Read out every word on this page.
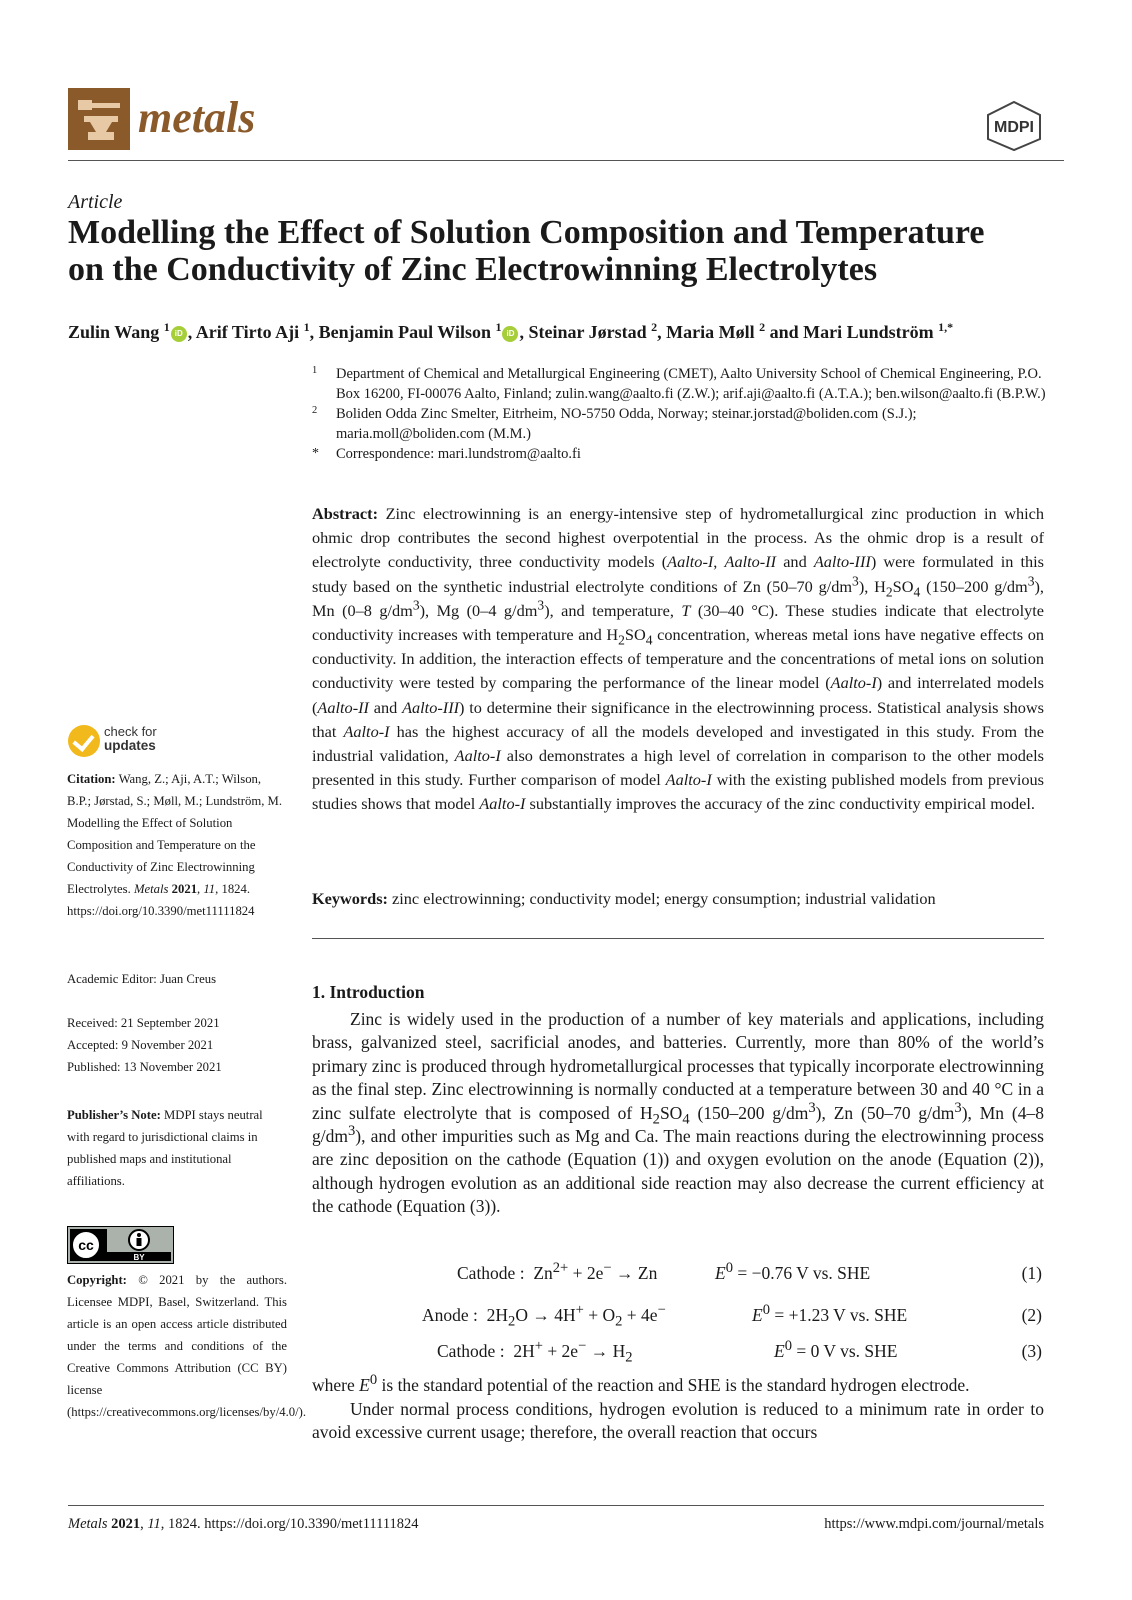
metals	MDPI
Article
Modelling the Effect of Solution Composition and Temperature
on the Conductivity of Zinc Electrowinning Electrolytes
Zulin Wang $^1$ iD , Arif Tirto Aji $^1$, Benjamin Paul Wilson $^1$ iD , Steinar Jørstad $^2$, Maria Møll $^2$ and Mari Lundström $^{1,*}$

1 Department of Chemical and Metallurgical Engineering (CMET), Aalto University School of Chemical Engineering, P.O. Box 16200, FI-00076 Aalto, Finland; zulin.wang@aalto.fi (Z.W.); arif.aji@aalto.fi (A.T.A.); ben.wilson@aalto.fi (B.P.W.)

2 Boliden Odda Zinc Smelter, Eitrheim, NO-5750 Odda, Norway; steinar.jorstad@boliden.com (S.J.); maria.moll@boliden.com (M.M.)

* Correspondence: mari.lundstrom@aalto.fi

Abstract: Zinc electrowinning is an energy-intensive step of hydrometallurgical zinc production in which ohmic drop contributes the second highest overpotential in the process. As the ohmic drop is a result of electrolyte conductivity, three conductivity models (Aalto-I, Aalto-II and Aalto-III) were formulated in this study based on the synthetic industrial electrolyte conditions of Zn (50–70 $g/dm^3$), $H_2SO_4$ (150–200 $g/dm^3$), Mn (0–8 $g/dm^3$), Mg (0–4 $g/dm^3$), and temperature, T (30–40 °C). These studies indicate that electrolyte conductivity increases with temperature and $H_2SO_4$ concentration, whereas metal ions have negative effects on conductivity. In addition, the interaction effects of temperature and the concentrations of metal ions on solution conductivity were tested by comparing the performance of the linear model (Aalto-I) and interrelated models (Aalto-II and Aalto-III) to determine their significance in the electrowinning process. Statistical analysis shows that Aalto-I has the highest accuracy of all the models developed and investigated in this study. From the industrial validation, Aalto-I also demonstrates a high level of correlation in comparison to the other models presented in this study. Further comparison of model Aalto-I with the existing published models from previous studies shows that model Aalto-I substantially improves the accuracy of the zinc conductivity empirical model.

Keywords: zinc electrowinning; conductivity model; energy consumption; industrial validation

check for
updates

Citation: Wang, Z.; Aji, A.T.; Wilson, B.P.; Jørstad, S.; Møll, M.; Lundström, M. Modelling the Effect of Solution Composition and Temperature on the Conductivity of Zinc Electrowinning Electrolytes. Metals 2021, 11, 1824. https://doi.org/10.3390/met11111824

Academic Editor: Juan Creus

Received: 21 September 2021
Accepted: 9 November 2021
Published: 13 November 2021

Publisher’s Note: MDPI stays neutral with regard to jurisdictional claims in published maps and institutional affiliations.

cc
BY

Copyright: © 2021 by the authors. Licensee MDPI, Basel, Switzerland. This article is an open access article distributed under the terms and conditions of the Creative Commons Attribution (CC BY) license (https://creativecommons.org/licenses/by/4.0/).

1. Introduction

Zinc is widely used in the production of a number of key materials and applications, including brass, galvanized steel, sacrificial anodes, and batteries. Currently, more than 80% of the world’s primary zinc is produced through hydrometallurgical processes that typically incorporate electrowinning as the final step. Zinc electrowinning is normally conducted at a temperature between 30 and 40 °C in a zinc sulfate electrolyte that is composed of $H_2SO_4$ (150–200 $g/dm^3$), Zn (50–70 $g/dm^3$), Mn (4–8 $g/dm^3$), and other impurities such as Mg and Ca. The main reactions during the electrowinning process are zinc deposition on the cathode (Equation (1)) and oxygen evolution on the anode (Equation (2)), although hydrogen evolution as an additional side reaction may also decrease the current efficiency at the cathode (Equation (3)).

Cathode : $Zn^{2+} + 2e^- \to Zn$	$E^0 = -0.76$ V vs. SHE	(1)
Anode : $2H_2O \to 4H^+ + O_2 + 4e^-$	$E^0 = +1.23$ V vs. SHE	(2)
Cathode : $2H^+ + 2e^- \to H_2$	$E^0 = 0$ V vs. SHE	(3)

where $E^0$ is the standard potential of the reaction and SHE is the standard hydrogen electrode.

Under normal process conditions, hydrogen evolution is reduced to a minimum rate in order to avoid excessive current usage; therefore, the overall reaction that occurs

Metals 2021, 11, 1824. https://doi.org/10.3390/met11111824	https://www.mdpi.com/journal/metals
